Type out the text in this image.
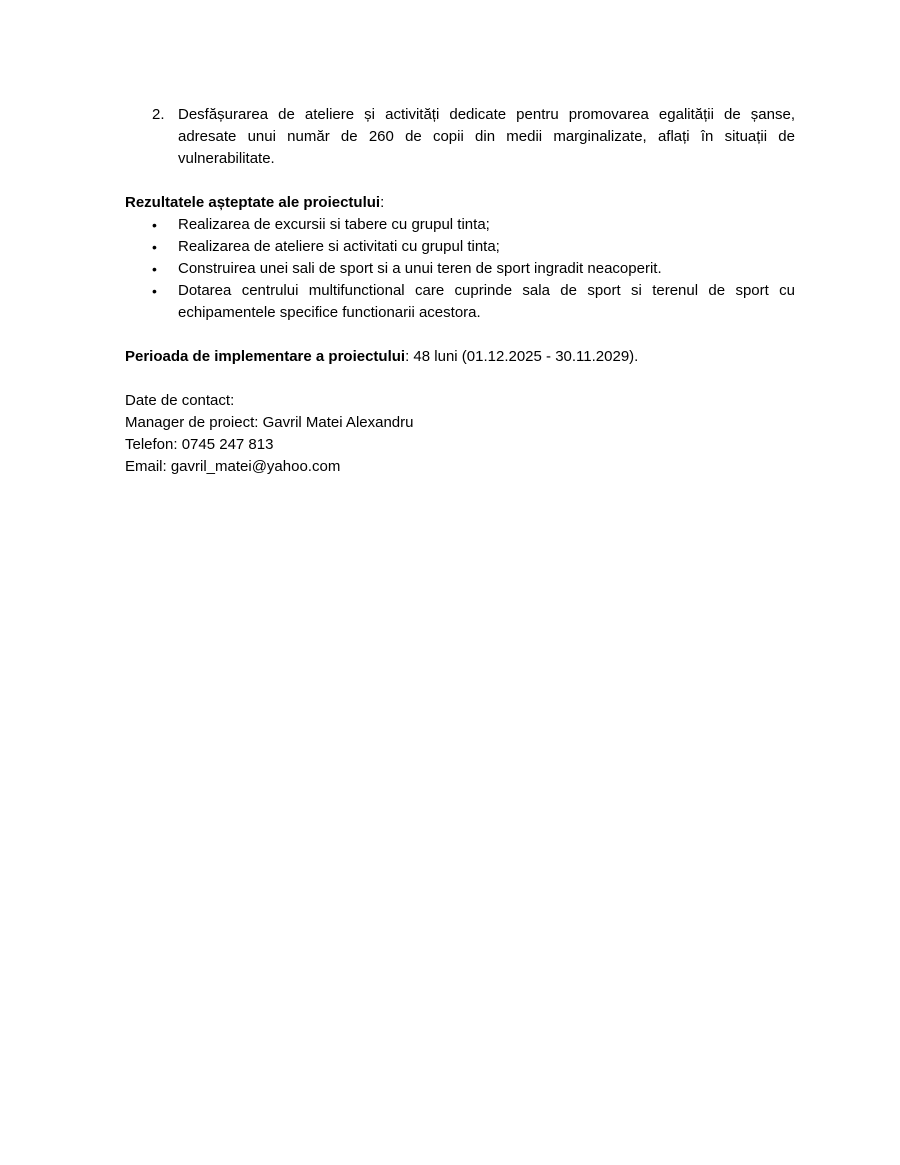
2. Desfășurarea de ateliere și activități dedicate pentru promovarea egalității de șanse, adresate unui număr de 260 de copii din medii marginalizate, aflați în situații de vulnerabilitate.

Rezultatele așteptate ale proiectului:

•	Realizarea de excursii si tabere cu grupul tinta;
•	Realizarea de ateliere si activitati cu grupul tinta;
•	Construirea unei sali de sport si a unui teren de sport ingradit neacoperit.
•	Dotarea centrului multifunctional care cuprinde sala de sport si terenul de sport cu echipamentele specifice functionarii acestora.

Perioada de implementare a proiectului: 48 luni (01.12.2025 - 30.11.2029).

Date de contact:

Manager de proiect: Gavril Matei Alexandru

Telefon: 0745 247 813

Email: gavril_matei@yahoo.com
